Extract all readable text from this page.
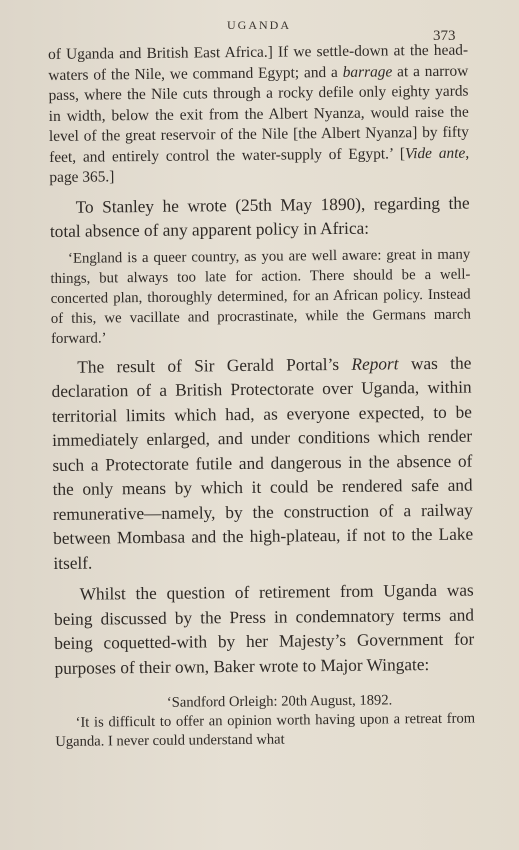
UGANDA
373

of Uganda and British East Africa.] If we settle-down at the head-waters of the Nile, we command Egypt; and a barrage at a narrow pass, where the Nile cuts through a rocky defile only eighty yards in width, below the exit from the Albert Nyanza, would raise the level of the great reservoir of the Nile [the Albert Nyanza] by fifty feet, and entirely control the water-supply of Egypt.’ [Vide ante, page 365.]

To Stanley he wrote (25th May 1890), regarding the total absence of any apparent policy in Africa:

‘England is a queer country, as you are well aware: great in many things, but always too late for action. There should be a well-concerted plan, thoroughly determined, for an African policy. Instead of this, we vacillate and procrastinate, while the Germans march forward.’

The result of Sir Gerald Portal’s Report was the declaration of a British Protectorate over Uganda, within territorial limits which had, as everyone expected, to be immediately enlarged, and under conditions which render such a Protectorate futile and dangerous in the absence of the only means by which it could be rendered safe and remunerative—namely, by the construction of a railway between Mombasa and the high-plateau, if not to the Lake itself.

Whilst the question of retirement from Uganda was being discussed by the Press in condemnatory terms and being coquetted-with by her Majesty’s Government for purposes of their own, Baker wrote to Major Wingate:

‘Sandford Orleigh: 20th August, 1892.

‘It is difficult to offer an opinion worth having upon a retreat from Uganda. I never could understand what
